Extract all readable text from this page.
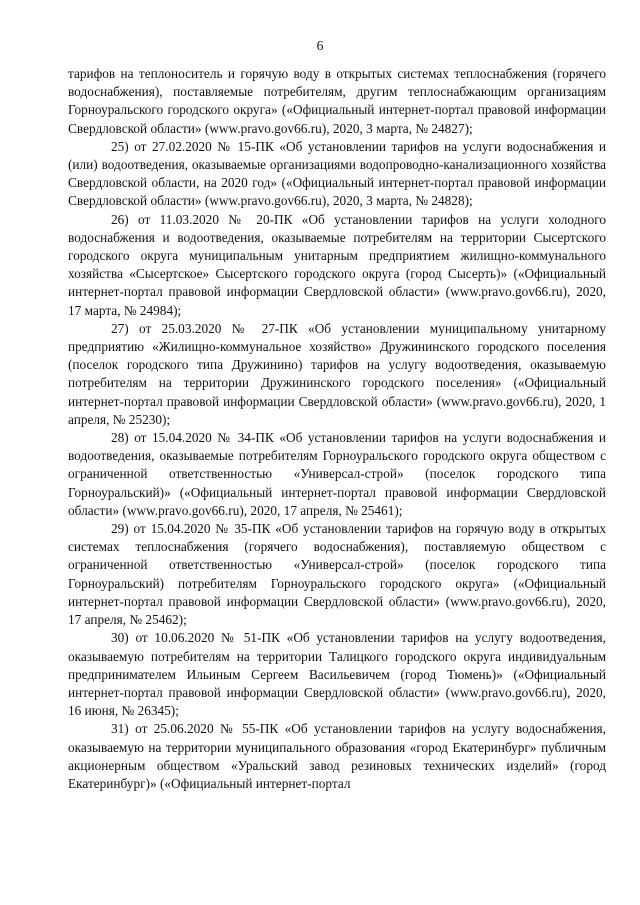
6

тарифов на теплоноситель и горячую воду в открытых системах теплоснабжения (горячего водоснабжения), поставляемые потребителям, другим теплоснабжающим организациям Горноуральского городского округа» («Официальный интернет-портал правовой информации Свердловской области» (www.pravo.gov66.ru), 2020, 3 марта, № 24827);

25) от 27.02.2020 № 15-ПК «Об установлении тарифов на услуги водоснабжения и (или) водоотведения, оказываемые организациями водопроводно-канализационного хозяйства Свердловской области, на 2020 год» («Официальный интернет-портал правовой информации Свердловской области» (www.pravo.gov66.ru), 2020, 3 марта, № 24828);

26) от 11.03.2020 № 20-ПК «Об установлении тарифов на услуги холодного водоснабжения и водоотведения, оказываемые потребителям на территории Сысертского городского округа муниципальным унитарным предприятием жилищно-коммунального хозяйства «Сысертское» Сысертского городского округа (город Сысерть)» («Официальный интернет-портал правовой информации Свердловской области» (www.pravo.gov66.ru), 2020, 17 марта, № 24984);

27) от 25.03.2020 № 27-ПК «Об установлении муниципальному унитарному предприятию «Жилищно-коммунальное хозяйство» Дружининского городского поселения (поселок городского типа Дружинино) тарифов на услугу водоотведения, оказываемую потребителям на территории Дружининского городского поселения» («Официальный интернет-портал правовой информации Свердловской области» (www.pravo.gov66.ru), 2020, 1 апреля, № 25230);

28) от 15.04.2020 № 34-ПК «Об установлении тарифов на услуги водоснабжения и водоотведения, оказываемые потребителям Горноуральского городского округа обществом с ограниченной ответственностью «Универсал-строй» (поселок городского типа Горноуральский)» («Официальный интернет-портал правовой информации Свердловской области» (www.pravo.gov66.ru), 2020, 17 апреля, № 25461);

29) от 15.04.2020 № 35-ПК «Об установлении тарифов на горячую воду в открытых системах теплоснабжения (горячего водоснабжения), поставляемую обществом с ограниченной ответственностью «Универсал-строй» (поселок городского типа Горноуральский) потребителям Горноуральского городского округа» («Официальный интернет-портал правовой информации Свердловской области» (www.pravo.gov66.ru), 2020, 17 апреля, № 25462);

30) от 10.06.2020 № 51-ПК «Об установлении тарифов на услугу водоотведения, оказываемую потребителям на территории Талицкого городского округа индивидуальным предпринимателем Ильиным Сергеем Васильевичем (город Тюмень)» («Официальный интернет-портал правовой информации Свердловской области» (www.pravo.gov66.ru), 2020, 16 июня, № 26345);

31) от 25.06.2020 № 55-ПК «Об установлении тарифов на услугу водоснабжения, оказываемую на территории муниципального образования «город Екатеринбург» публичным акционерным обществом «Уральский завод резиновых технических изделий» (город Екатеринбург)» («Официальный интернет-портал
